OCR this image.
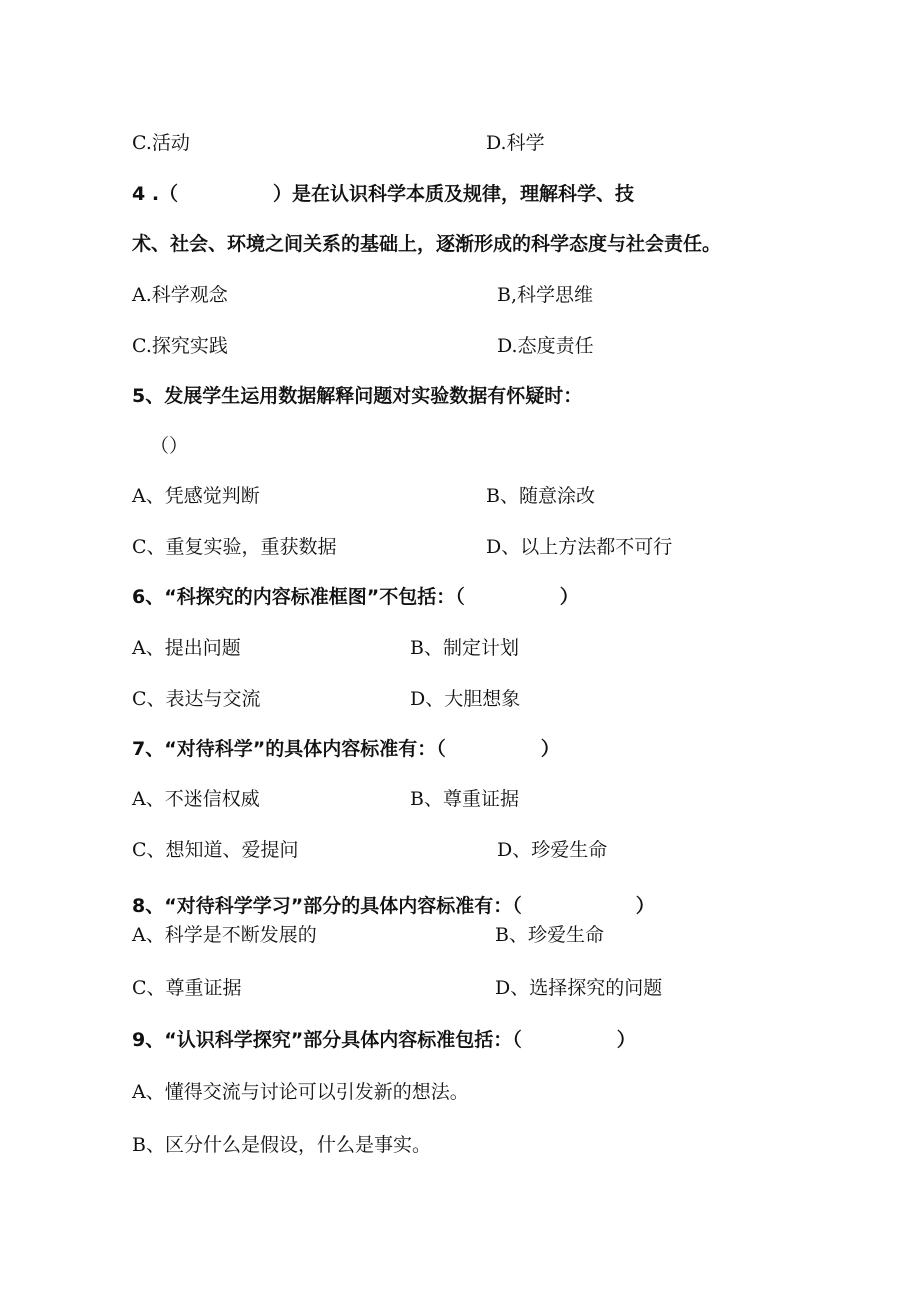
C.活动	D.科学
4 .（　　　　　）是在认识科学本质及规律，理解科学、技
术、社会、环境之间关系的基础上，逐渐形成的科学态度与社会责任。
A.科学观念	B,科学思维
C.探究实践	D.态度责任
5、发展学生运用数据解释问题对实验数据有怀疑时：
（）
A、凭感觉判断	B、随意涂改
C、重复实验，重获数据	D、以上方法都不可行
6、“科探究的内容标准框图”不包括：（　　　　　）
A、提出问题	B、制定计划
C、表达与交流	D、大胆想象
7、“对待科学”的具体内容标准有：（　　　　　）
A、不迷信权威	B、尊重证据
C、想知道、爱提问	D、珍爱生命
8、“对待科学学习”部分的具体内容标准有：（　　　　　　）
A、科学是不断发展的	B、珍爱生命
C、尊重证据	D、选择探究的问题
9、“认识科学探究”部分具体内容标准包括：（　　　　　）
A、懂得交流与讨论可以引发新的想法。
B、区分什么是假设，什么是事实。
